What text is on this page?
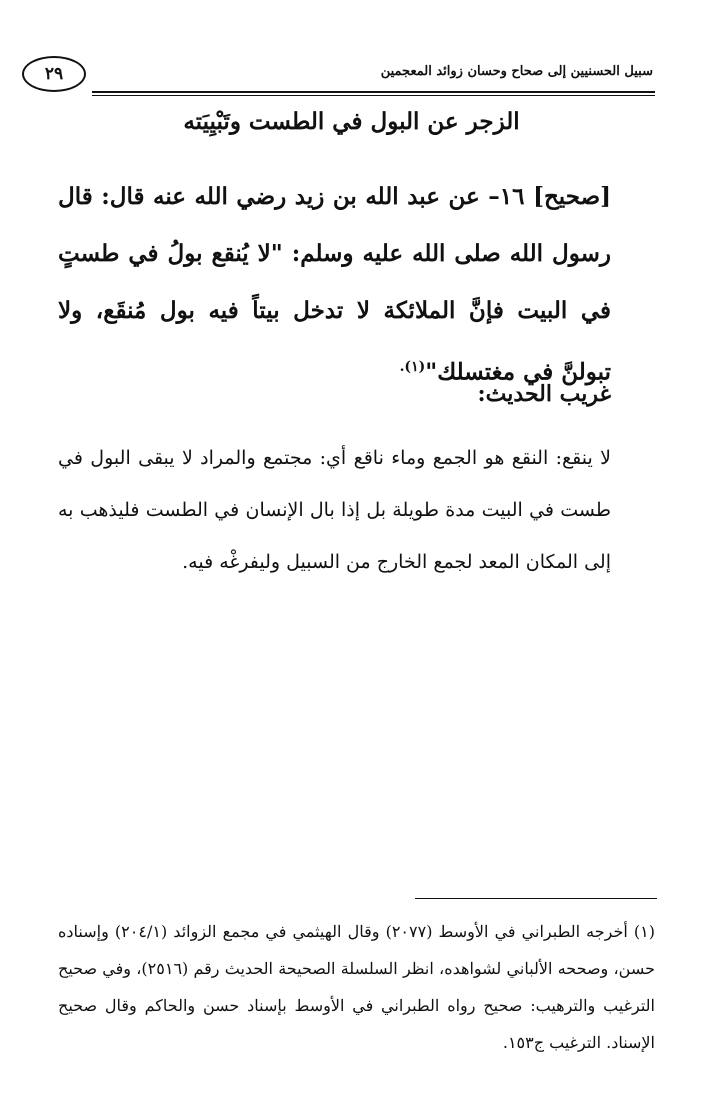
٢٩	سبيل الحسنيين إلى صحاح وحسان زوائد المعجمين
الزجر عن البول في الطست وتَبْيِيَته
[صحيح] ١٦– عن عبد الله بن زيد رضي الله عنه قال: قال رسول الله صلى الله عليه وسلم: "لا يُنقع بولُ في طستٍ في البيت فإنَّ الملائكة لا تدخل بيتاً فيه بول مُنقَع، ولا تبولنَّ في مغتسلك"$^{(١).}$
غريب الحديث:
لا ينقع: النقع هو الجمع وماء ناقع أي: مجتمع والمراد لا يبقى البول في طست في البيت مدة طويلة بل إذا بال الإنسان في الطست فليذهب به إلى المكان المعد لجمع الخارج من السبيل وليفرغْه فيه.
(١) أخرجه الطبراني في الأوسط (٢٠٧٧) وقال الهيثمي في مجمع الزوائد (٢٠٤/١) وإسناده حسن، وصححه الألباني لشواهده، انظر السلسلة الصحيحة الحديث رقم (٢٥١٦)، وفي صحيح الترغيب والترهيب: صحيح رواه الطبراني في الأوسط بإسناد حسن والحاكم وقال صحيح الإسناد. الترغيب ج١٥٣.
